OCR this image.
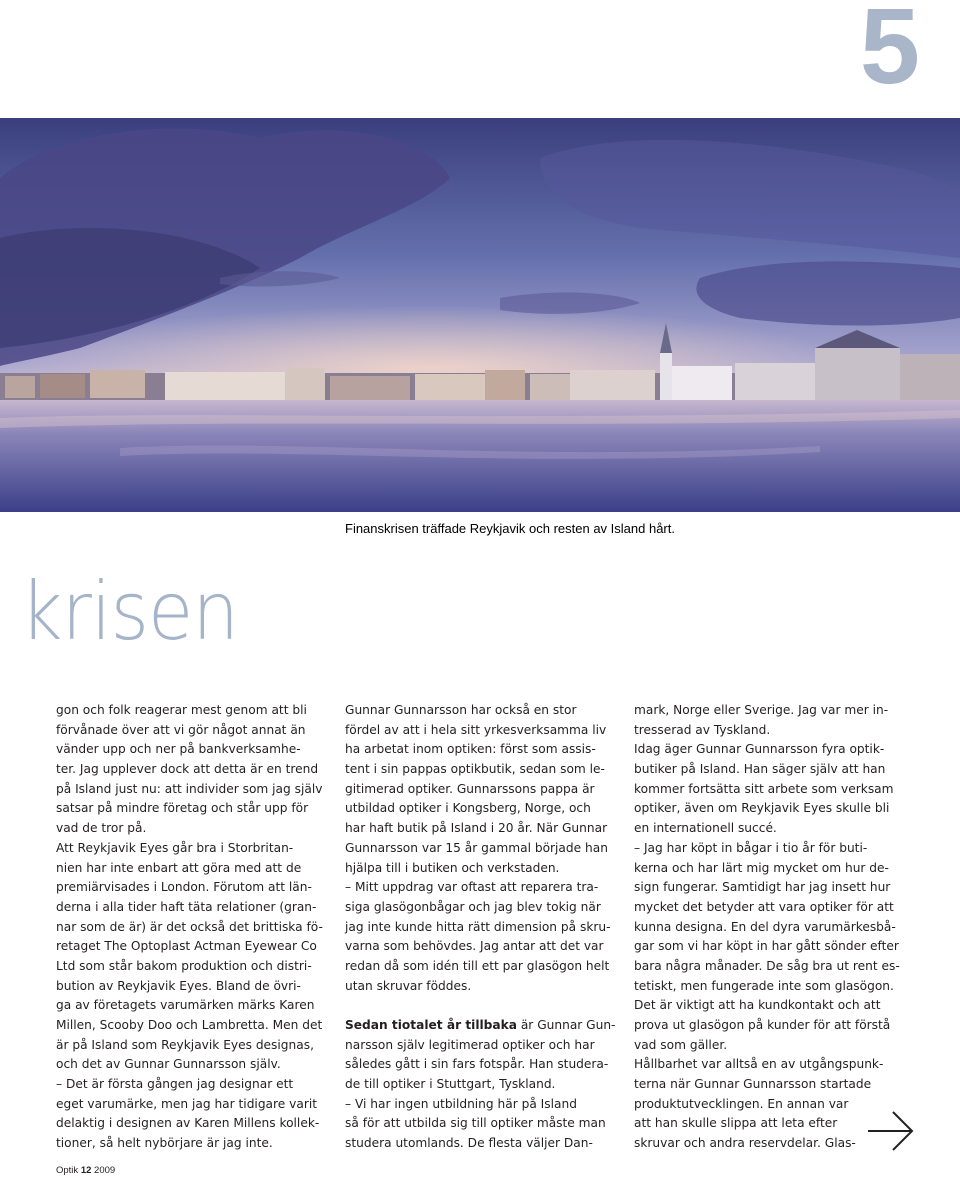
5
Finanskrisen träffade Reykjavik och resten av Island hårt.
krisen
gon och folk reagerar mest genom att bli
förvånade över att vi gör något annat än
vänder upp och ner på bankverksamhe-
ter. Jag upplever dock att detta är en trend
på Island just nu: att individer som jag själv
satsar på mindre företag och står upp för
vad de tror på.
Att Reykjavik Eyes går bra i Storbritan-
nien har inte enbart att göra med att de
premiärvisades i London. Förutom att län-
derna i alla tider haft täta relationer (gran-
nar som de är) är det också det brittiska fö-
retaget The Optoplast Actman Eyewear Co
Ltd som står bakom produktion och distri-
bution av Reykjavik Eyes. Bland de övri-
ga av företagets varumärken märks Karen
Millen, Scooby Doo och Lambretta. Men det
är på Island som Reykjavik Eyes designas,
och det av Gunnar Gunnarsson själv.
– Det är första gången jag designar ett
eget varumärke, men jag har tidigare varit
delaktig i designen av Karen Millens kollek-
tioner, så helt nybörjare är jag inte.
Gunnar Gunnarsson har också en stor
fördel av att i hela sitt yrkesverksamma liv
ha arbetat inom optiken: först som assis-
tent i sin pappas optikbutik, sedan som le-
gitimerad optiker. Gunnarssons pappa är
utbildad optiker i Kongsberg, Norge, och
har haft butik på Island i 20 år. När Gunnar
Gunnarsson var 15 år gammal började han
hjälpa till i butiken och verkstaden.
– Mitt uppdrag var oftast att reparera tra-
siga glasögonbågar och jag blev tokig när
jag inte kunde hitta rätt dimension på skru-
varna som behövdes. Jag antar att det var
redan då som idén till ett par glasögon helt
utan skruvar föddes.
Sedan tiotalet år tillbaka är Gunnar Gun-
narsson själv legitimerad optiker och har
således gått i sin fars fotspår. Han studera-
de till optiker i Stuttgart, Tyskland.
– Vi har ingen utbildning här på Island
så för att utbilda sig till optiker måste man
studera utomlands. De flesta väljer Dan-
mark, Norge eller Sverige. Jag var mer in-
tresserad av Tyskland.
Idag äger Gunnar Gunnarsson fyra optik-
butiker på Island. Han säger själv att han
kommer fortsätta sitt arbete som verksam
optiker, även om Reykjavik Eyes skulle bli
en internationell succé.
– Jag har köpt in bågar i tio år för buti-
kerna och har lärt mig mycket om hur de-
sign fungerar. Samtidigt har jag insett hur
mycket det betyder att vara optiker för att
kunna designa. En del dyra varumärkesbå-
gar som vi har köpt in har gått sönder efter
bara några månader. De såg bra ut rent es-
tetiskt, men fungerade inte som glasögon.
Det är viktigt att ha kundkontakt och att
prova ut glasögon på kunder för att förstå
vad som gäller.
Hållbarhet var alltså en av utgångspunk-
terna när Gunnar Gunnarsson startade
produktutvecklingen. En annan var
att han skulle slippa att leta efter
skruvar och andra reservdelar. Glas-
Optik 12 2009
